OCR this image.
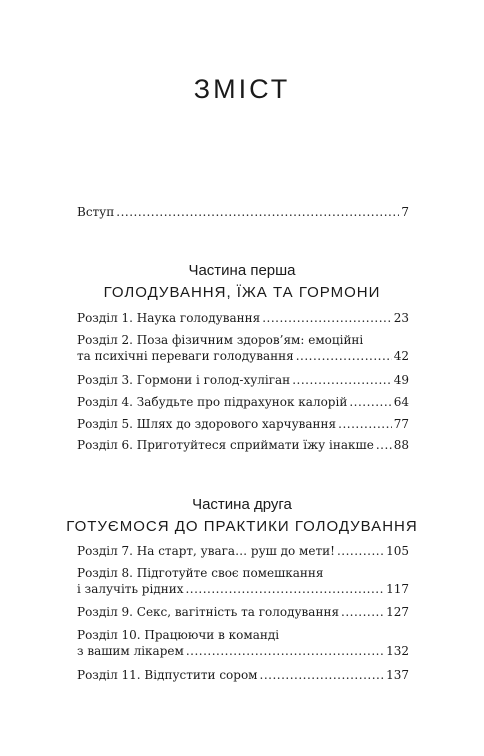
ЗМІСТ
Вступ .....	7
Частина перша
ГОЛОДУВАННЯ, ЇЖА ТА ГОРМОНИ
Розділ 1. Наука голодування .....	23
Розділ 2. Поза фізичним здоров’ям: емоційні
та психічні переваги голодування .....	42
Розділ 3. Гормони і голод-хуліган .....	49
Розділ 4. Забудьте про підрахунок калорій .....	64
Розділ 5. Шлях до здорового харчування .....	77
Розділ 6. Приготуйтеся сприймати їжу інакше ..... 88
Частина друга
ГОТУЄМОСЯ ДО ПРАКТИКИ ГОЛОДУВАННЯ
Розділ 7. На старт, увага… руш до мети! .....	105
Розділ 8. Підготуйте своє помешкання
і залучіть рідних .....	117
Розділ 9. Секс, вагітність та голодування .....	127
Розділ 10. Працюючи в команді
з вашим лікарем .....	132
Розділ 11. Відпустити сором .....	137
